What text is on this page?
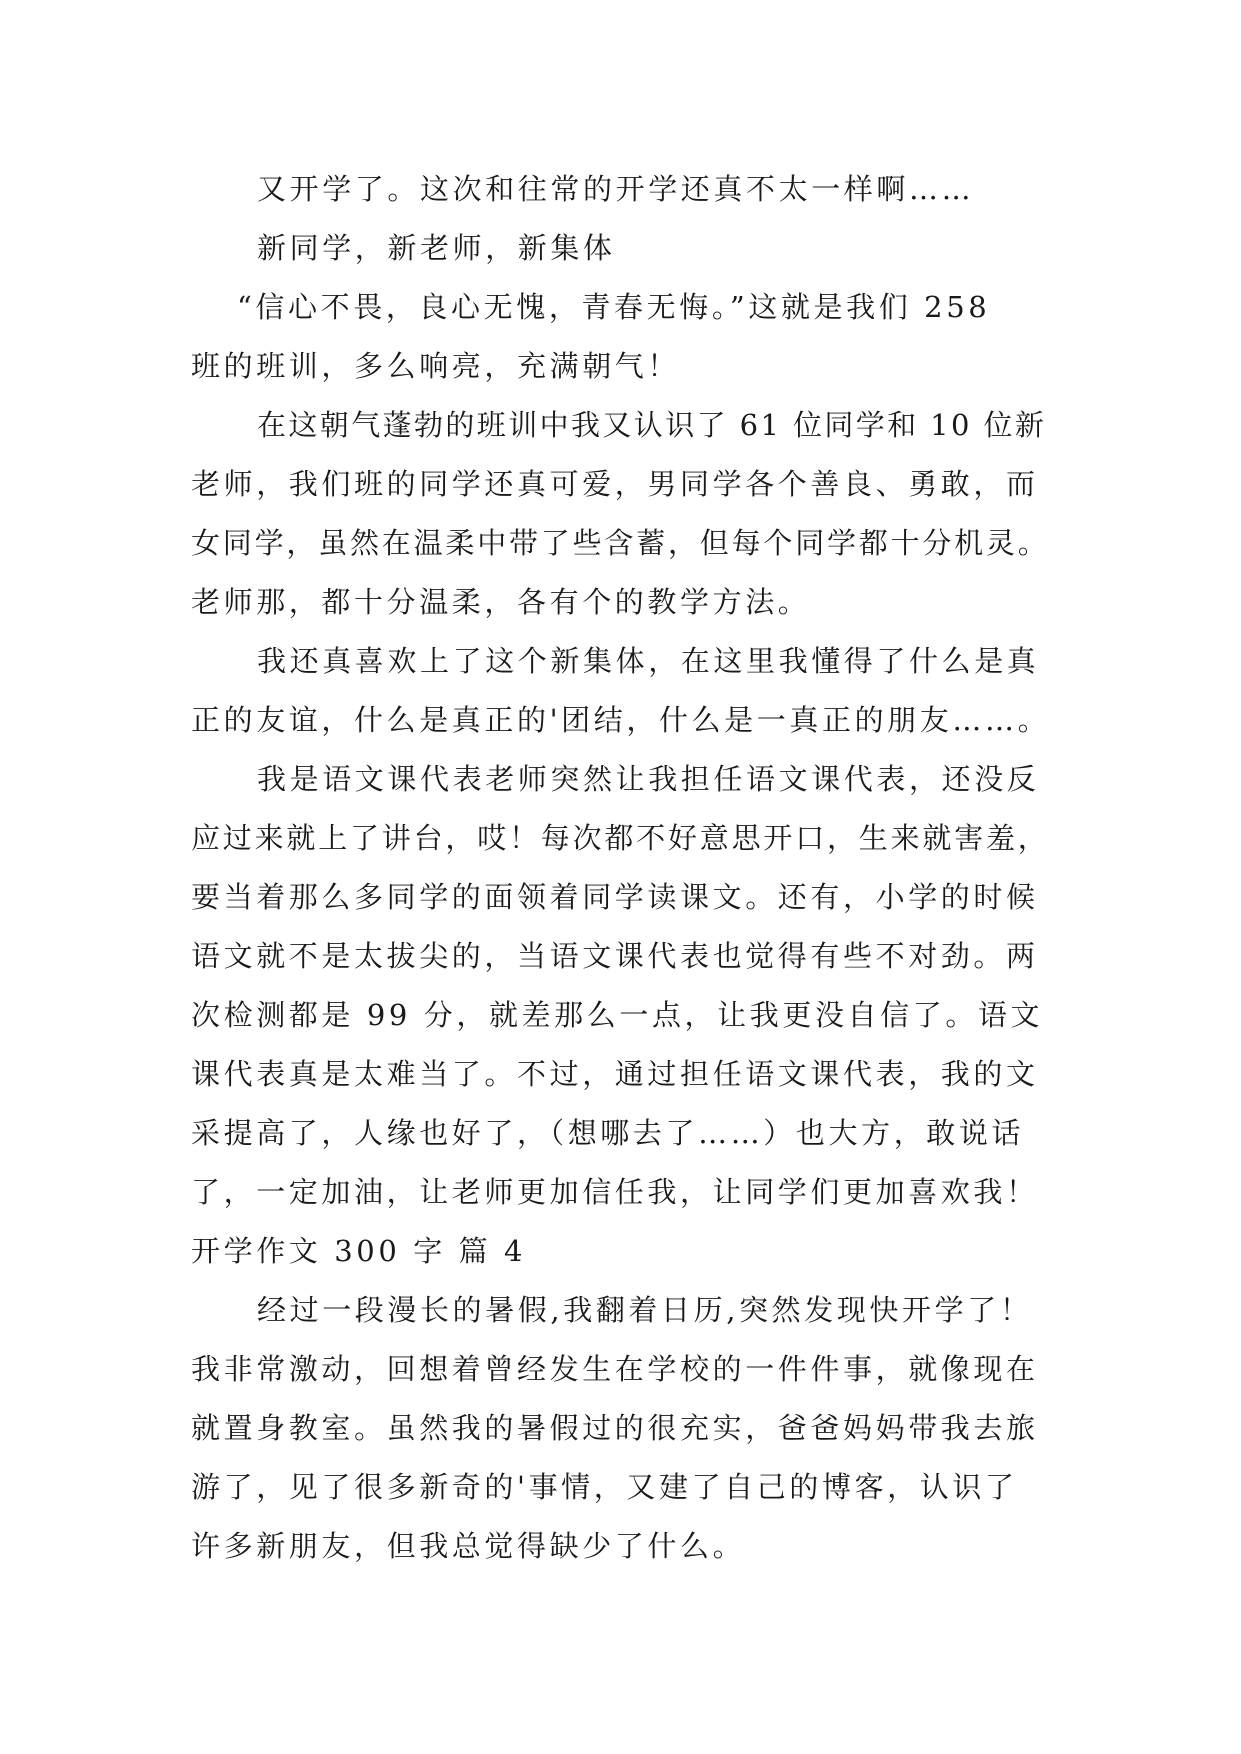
又开学了。这次和往常的开学还真不太一样啊……
新同学，新老师，新集体
“信心不畏，良心无愧，青春无悔。”这就是我们 258
班的班训，多么响亮，充满朝气！
在这朝气蓬勃的班训中我又认识了 61 位同学和 10 位新
老师，我们班的同学还真可爱，男同学各个善良、勇敢，而
女同学，虽然在温柔中带了些含蓄，但每个同学都十分机灵。
老师那，都十分温柔，各有个的教学方法。
我还真喜欢上了这个新集体，在这里我懂得了什么是真
正的友谊，什么是真正的'团结，什么是一真正的朋友……。
我是语文课代表老师突然让我担任语文课代表，还没反
应过来就上了讲台，哎！每次都不好意思开口，生来就害羞，
要当着那么多同学的面领着同学读课文。还有，小学的时候
语文就不是太拔尖的，当语文课代表也觉得有些不对劲。两
次检测都是 99 分，就差那么一点，让我更没自信了。语文
课代表真是太难当了。不过，通过担任语文课代表，我的文
采提高了，人缘也好了，（想哪去了……）也大方，敢说话
了，一定加油，让老师更加信任我，让同学们更加喜欢我！
开学作文 300 字 篇 4
经过一段漫长的暑假,我翻着日历,突然发现快开学了！
我非常激动，回想着曾经发生在学校的一件件事，就像现在
就置身教室。虽然我的暑假过的很充实，爸爸妈妈带我去旅
游了，见了很多新奇的'事情，又建了自己的博客，认识了
许多新朋友，但我总觉得缺少了什么。
